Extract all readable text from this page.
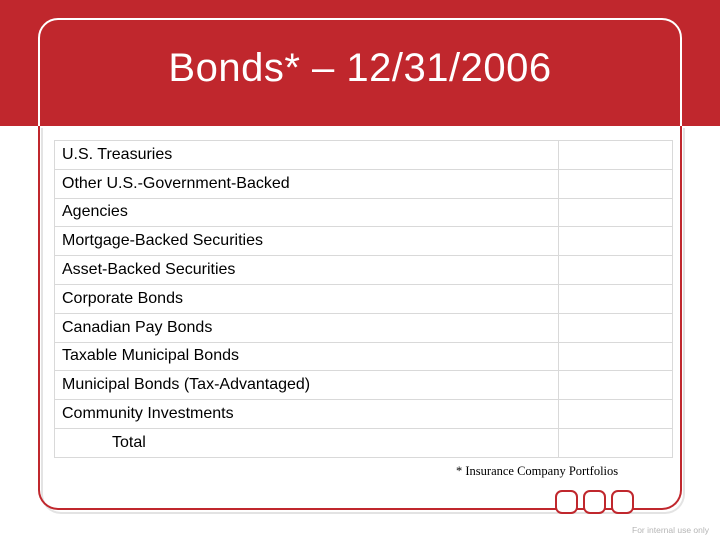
Bonds* – 12/31/2006
U.S. Treasuries	
Other U.S.-Government-Backed	
Agencies	
Mortgage-Backed Securities	
Asset-Backed Securities	
Corporate Bonds	
Canadian Pay Bonds	
Taxable Municipal Bonds	
Municipal Bonds (Tax-Advantaged)	
Community Investments	
Total	
* Insurance Company Portfolios
For internal use only
